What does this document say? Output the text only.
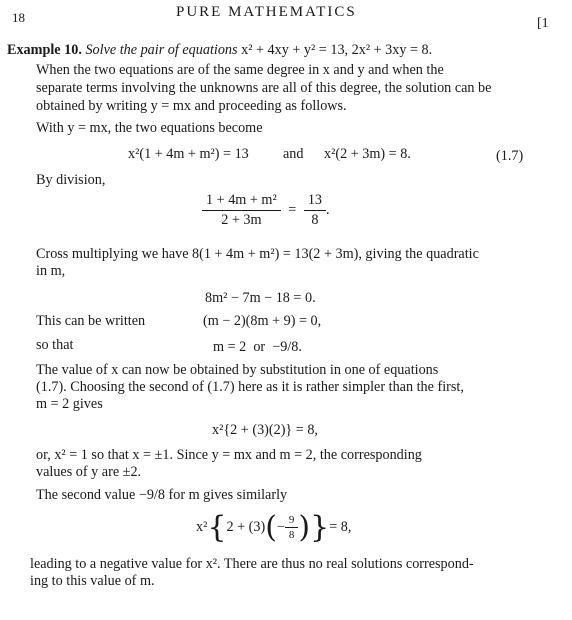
18	PURE MATHEMATICS
[1
Example 10. Solve the pair of equations x² + 4xy + y² = 13, 2x² + 3xy = 8.
When the two equations are of the same degree in x and y and when the
separate terms involving the unknowns are all of this degree, the solution can be
obtained by writing y = mx and proceeding as follows.
With y = mx, the two equations become
x²(1 + 4m + m²) = 13 and x²(2 + 3m) = 8.	(1.7)
By division,
$\frac{\text{1 + 4m + m²}}{2 + 3m} = \frac{13}{8}$ .
Cross multiplying we have 8(1 + 4m + m²) = 13(2 + 3m), giving the quadratic
in m,
8m² − 7m − 18 = 0.
This can be written	(m − 2)(8m + 9) = 0,
so that	m = 2  or  −9/8.
The value of x can now be obtained by substitution in one of equations
(1.7). Choosing the second of (1.7) here as it is rather simpler than the first,
m = 2 gives
x²{2 + (3)(2)} = 8,
or, x² = 1 so that x = ±1. Since y = mx and m = 2, the corresponding
values of y are ±2.
The second value −9/8 for m gives similarly
$x^2\{2 + (3)(- \frac{9}{8}$ )}= 8,
leading to a negative value for x². There are thus no real solutions correspond-
ing to this value of m.
